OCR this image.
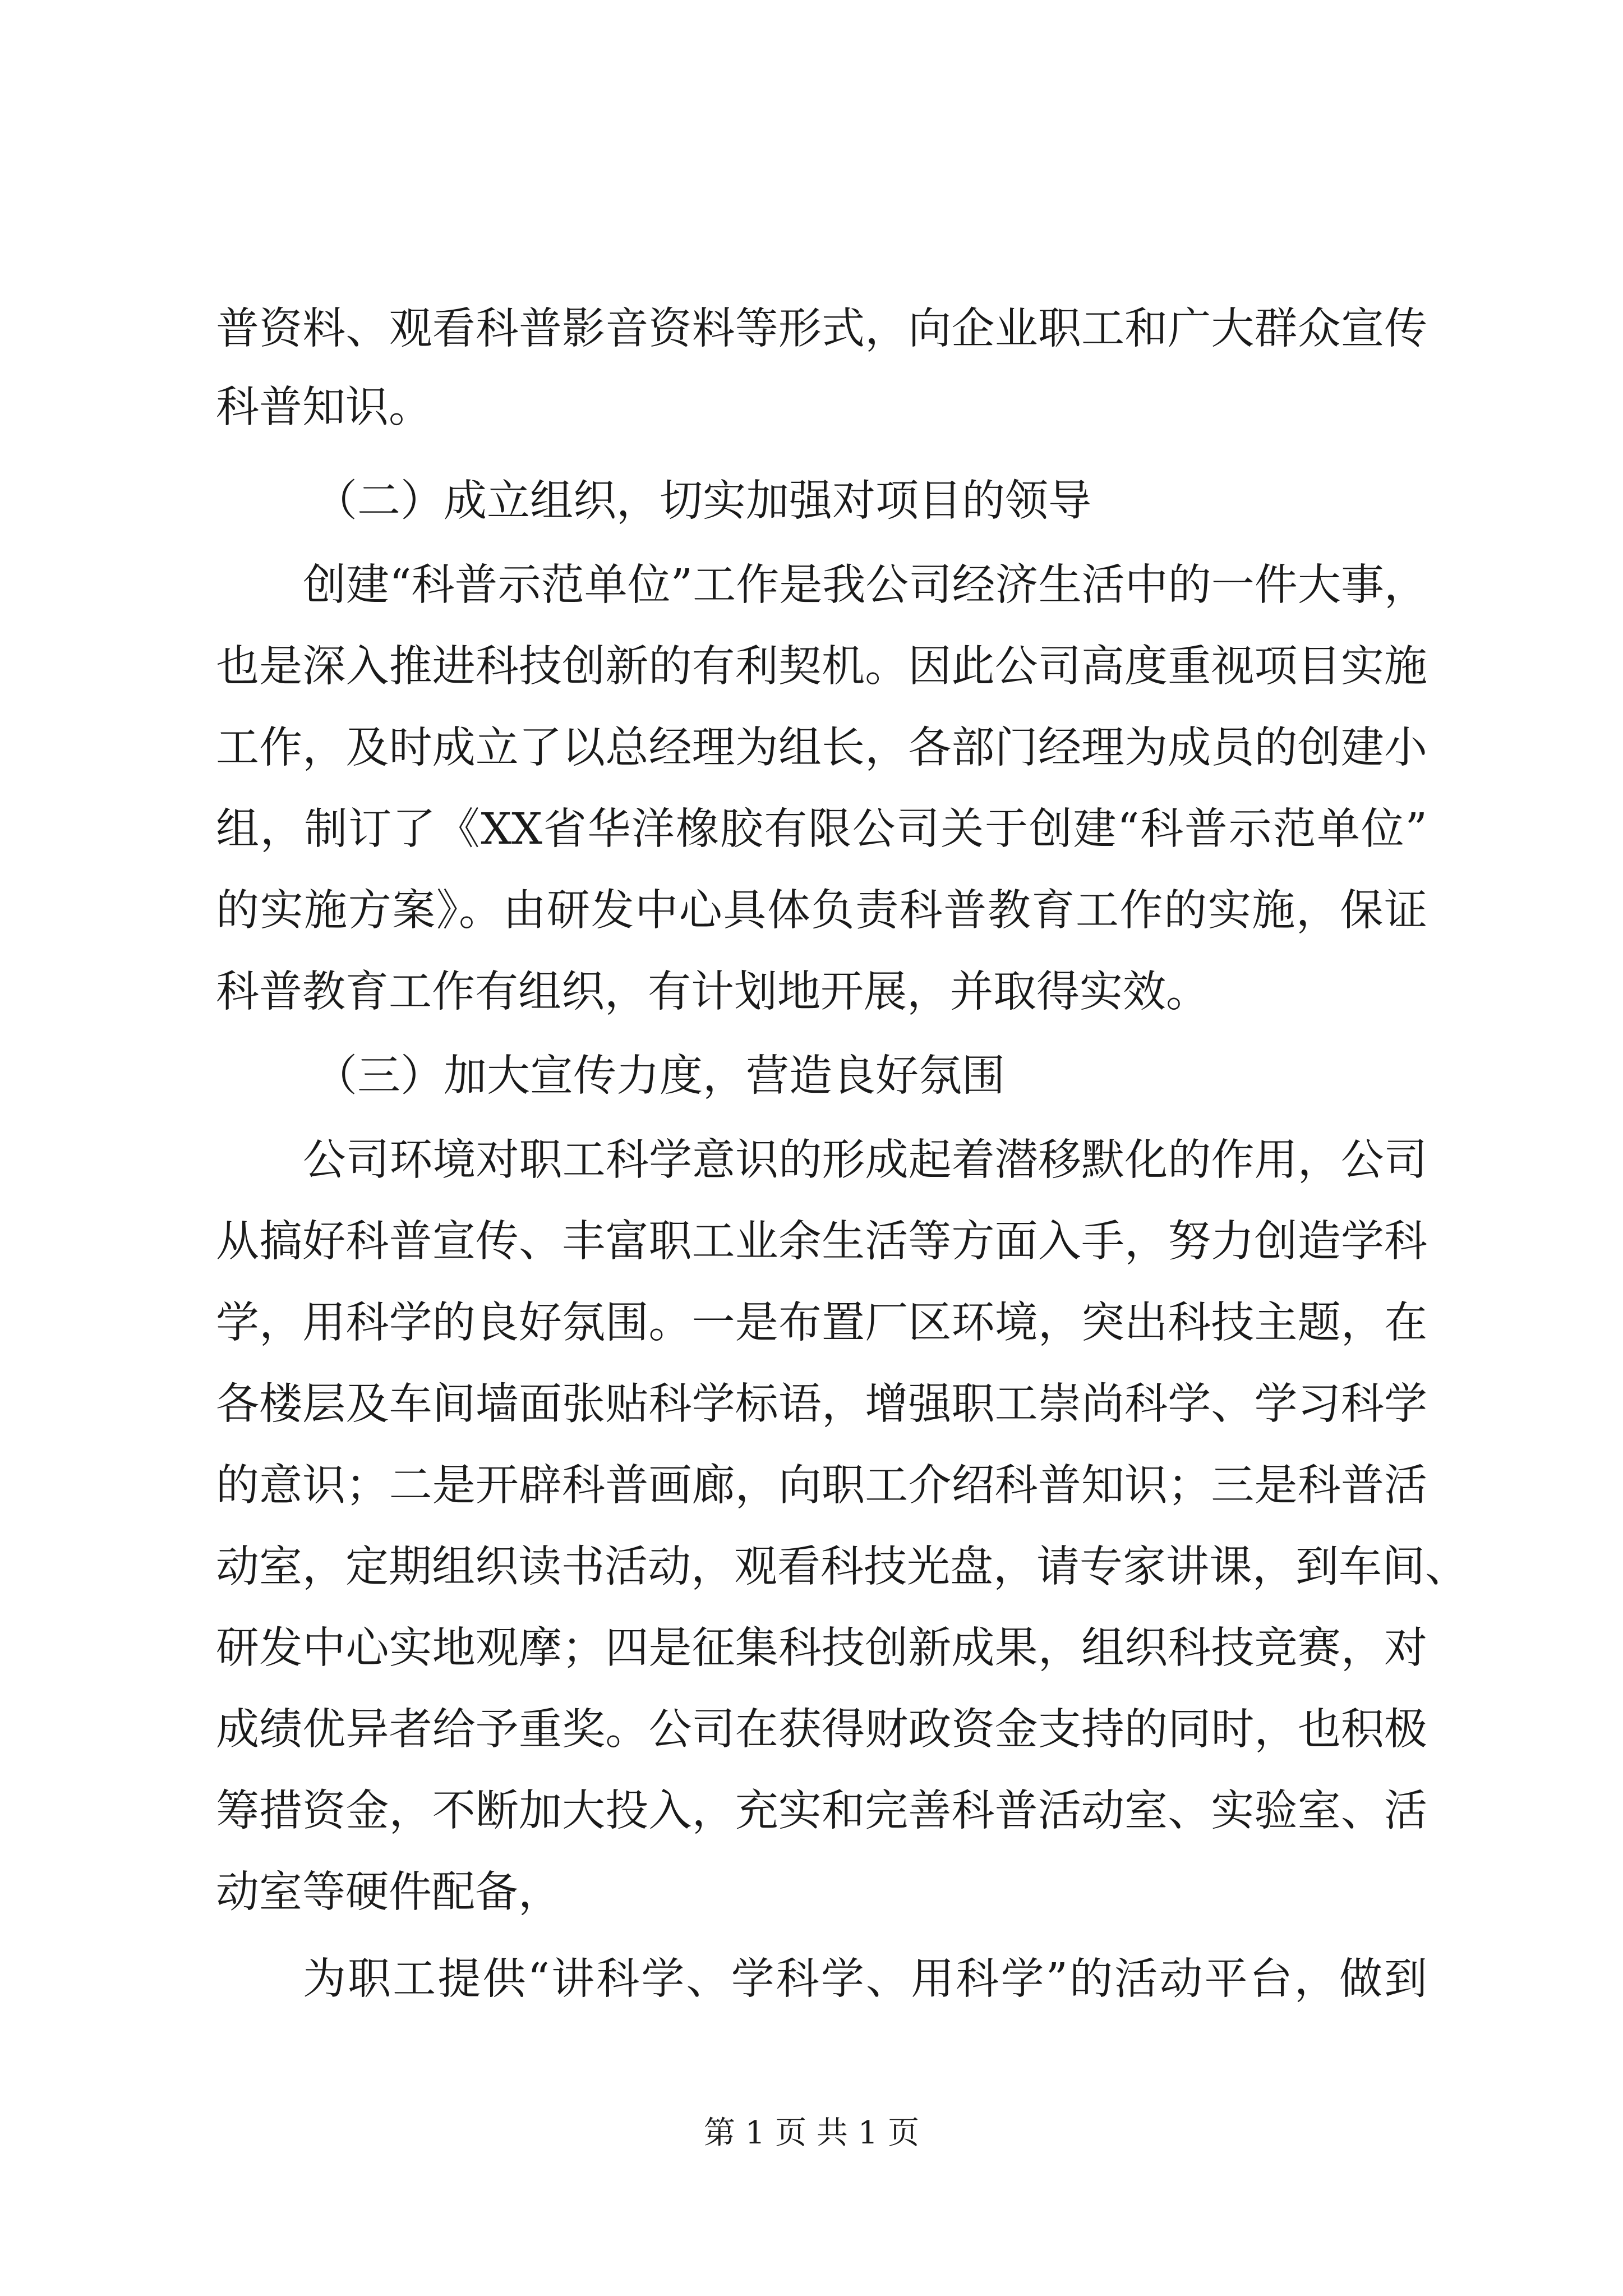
普资料、观看科普影音资料等形式，向企业职工和广大群众宣传
科普知识。
（二）成立组织，切实加强对项目的领导
创建“科普示范单位”工作是我公司经济生活中的一件大事，
也是深入推进科技创新的有利契机。因此公司高度重视项目实施
工作，及时成立了以总经理为组长，各部门经理为成员的创建小
组，制订了《XX省华洋橡胶有限公司关于创建“科普示范单位”
的实施方案》。由研发中心具体负责科普教育工作的实施，保证
科普教育工作有组织，有计划地开展，并取得实效。
（三）加大宣传力度，营造良好氛围
公司环境对职工科学意识的形成起着潜移默化的作用，公司
从搞好科普宣传、丰富职工业余生活等方面入手，努力创造学科
学，用科学的良好氛围。一是布置厂区环境，突出科技主题，在
各楼层及车间墙面张贴科学标语，增强职工崇尚科学、学习科学
的意识；二是开辟科普画廊，向职工介绍科普知识；三是科普活
动室，定期组织读书活动，观看科技光盘，请专家讲课，到车间、
研发中心实地观摩；四是征集科技创新成果，组织科技竞赛，对
成绩优异者给予重奖。公司在获得财政资金支持的同时，也积极
筹措资金，不断加大投入，充实和完善科普活动室、实验室、活
动室等硬件配备，
为职工提供“讲科学、学科学、用科学”的活动平台，做到
第 1 页 共 1 页
